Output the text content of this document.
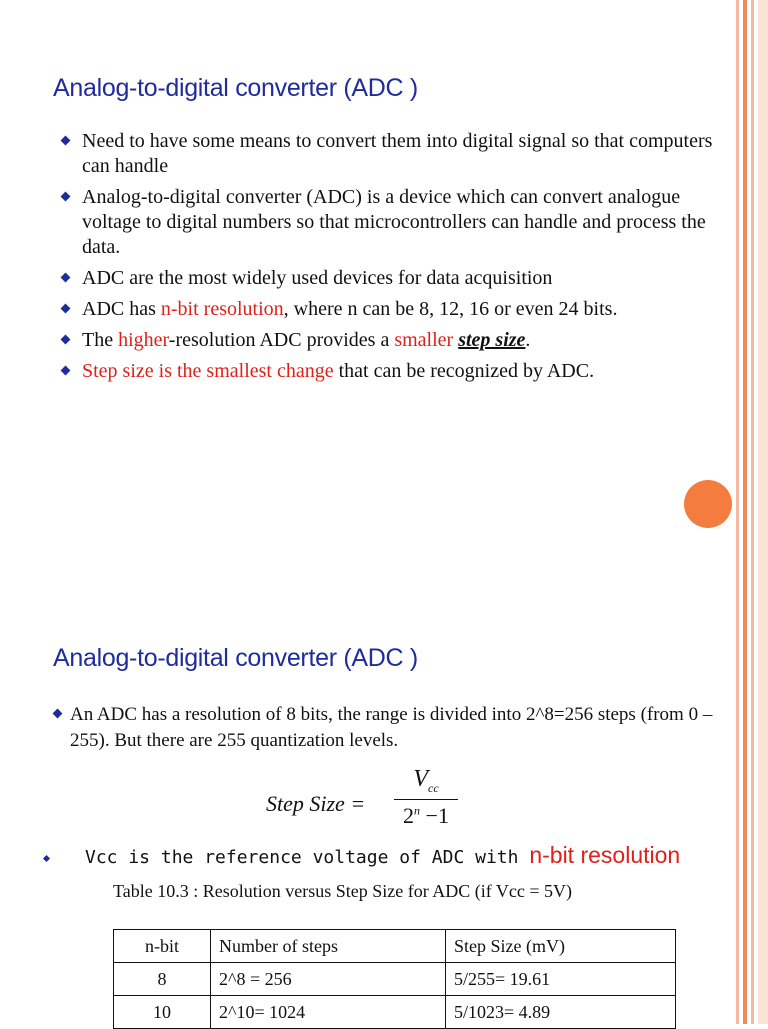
Analog-to-digital converter (ADC )
Need to have some means to convert them into digital signal so that computers can handle
Analog-to-digital converter (ADC) is a device which can convert analogue voltage to digital numbers so that microcontrollers can handle and process the data.
ADC are the most widely used devices for data acquisition
ADC has n-bit resolution, where n can be 8, 12, 16 or even 24 bits.
The higher-resolution ADC provides a smaller step size.
Step size is the smallest change that can be recognized by ADC.
Analog-to-digital converter (ADC )
An ADC has a resolution of 8 bits, the range is divided into 2^8=256 steps (from 0 – 255). But there are 255 quantization levels.
Step Size =
$V_{cc}$
$2^n -1$
Vcc is the reference voltage of ADC with n-bit resolution
Table 10.3 : Resolution versus Step Size for ADC (if Vcc = 5V)
n-bit	Number of steps	Step Size (mV)
8	2^8 = 256	5/255= 19.61
10	2^10= 1024	5/1023= 4.89
